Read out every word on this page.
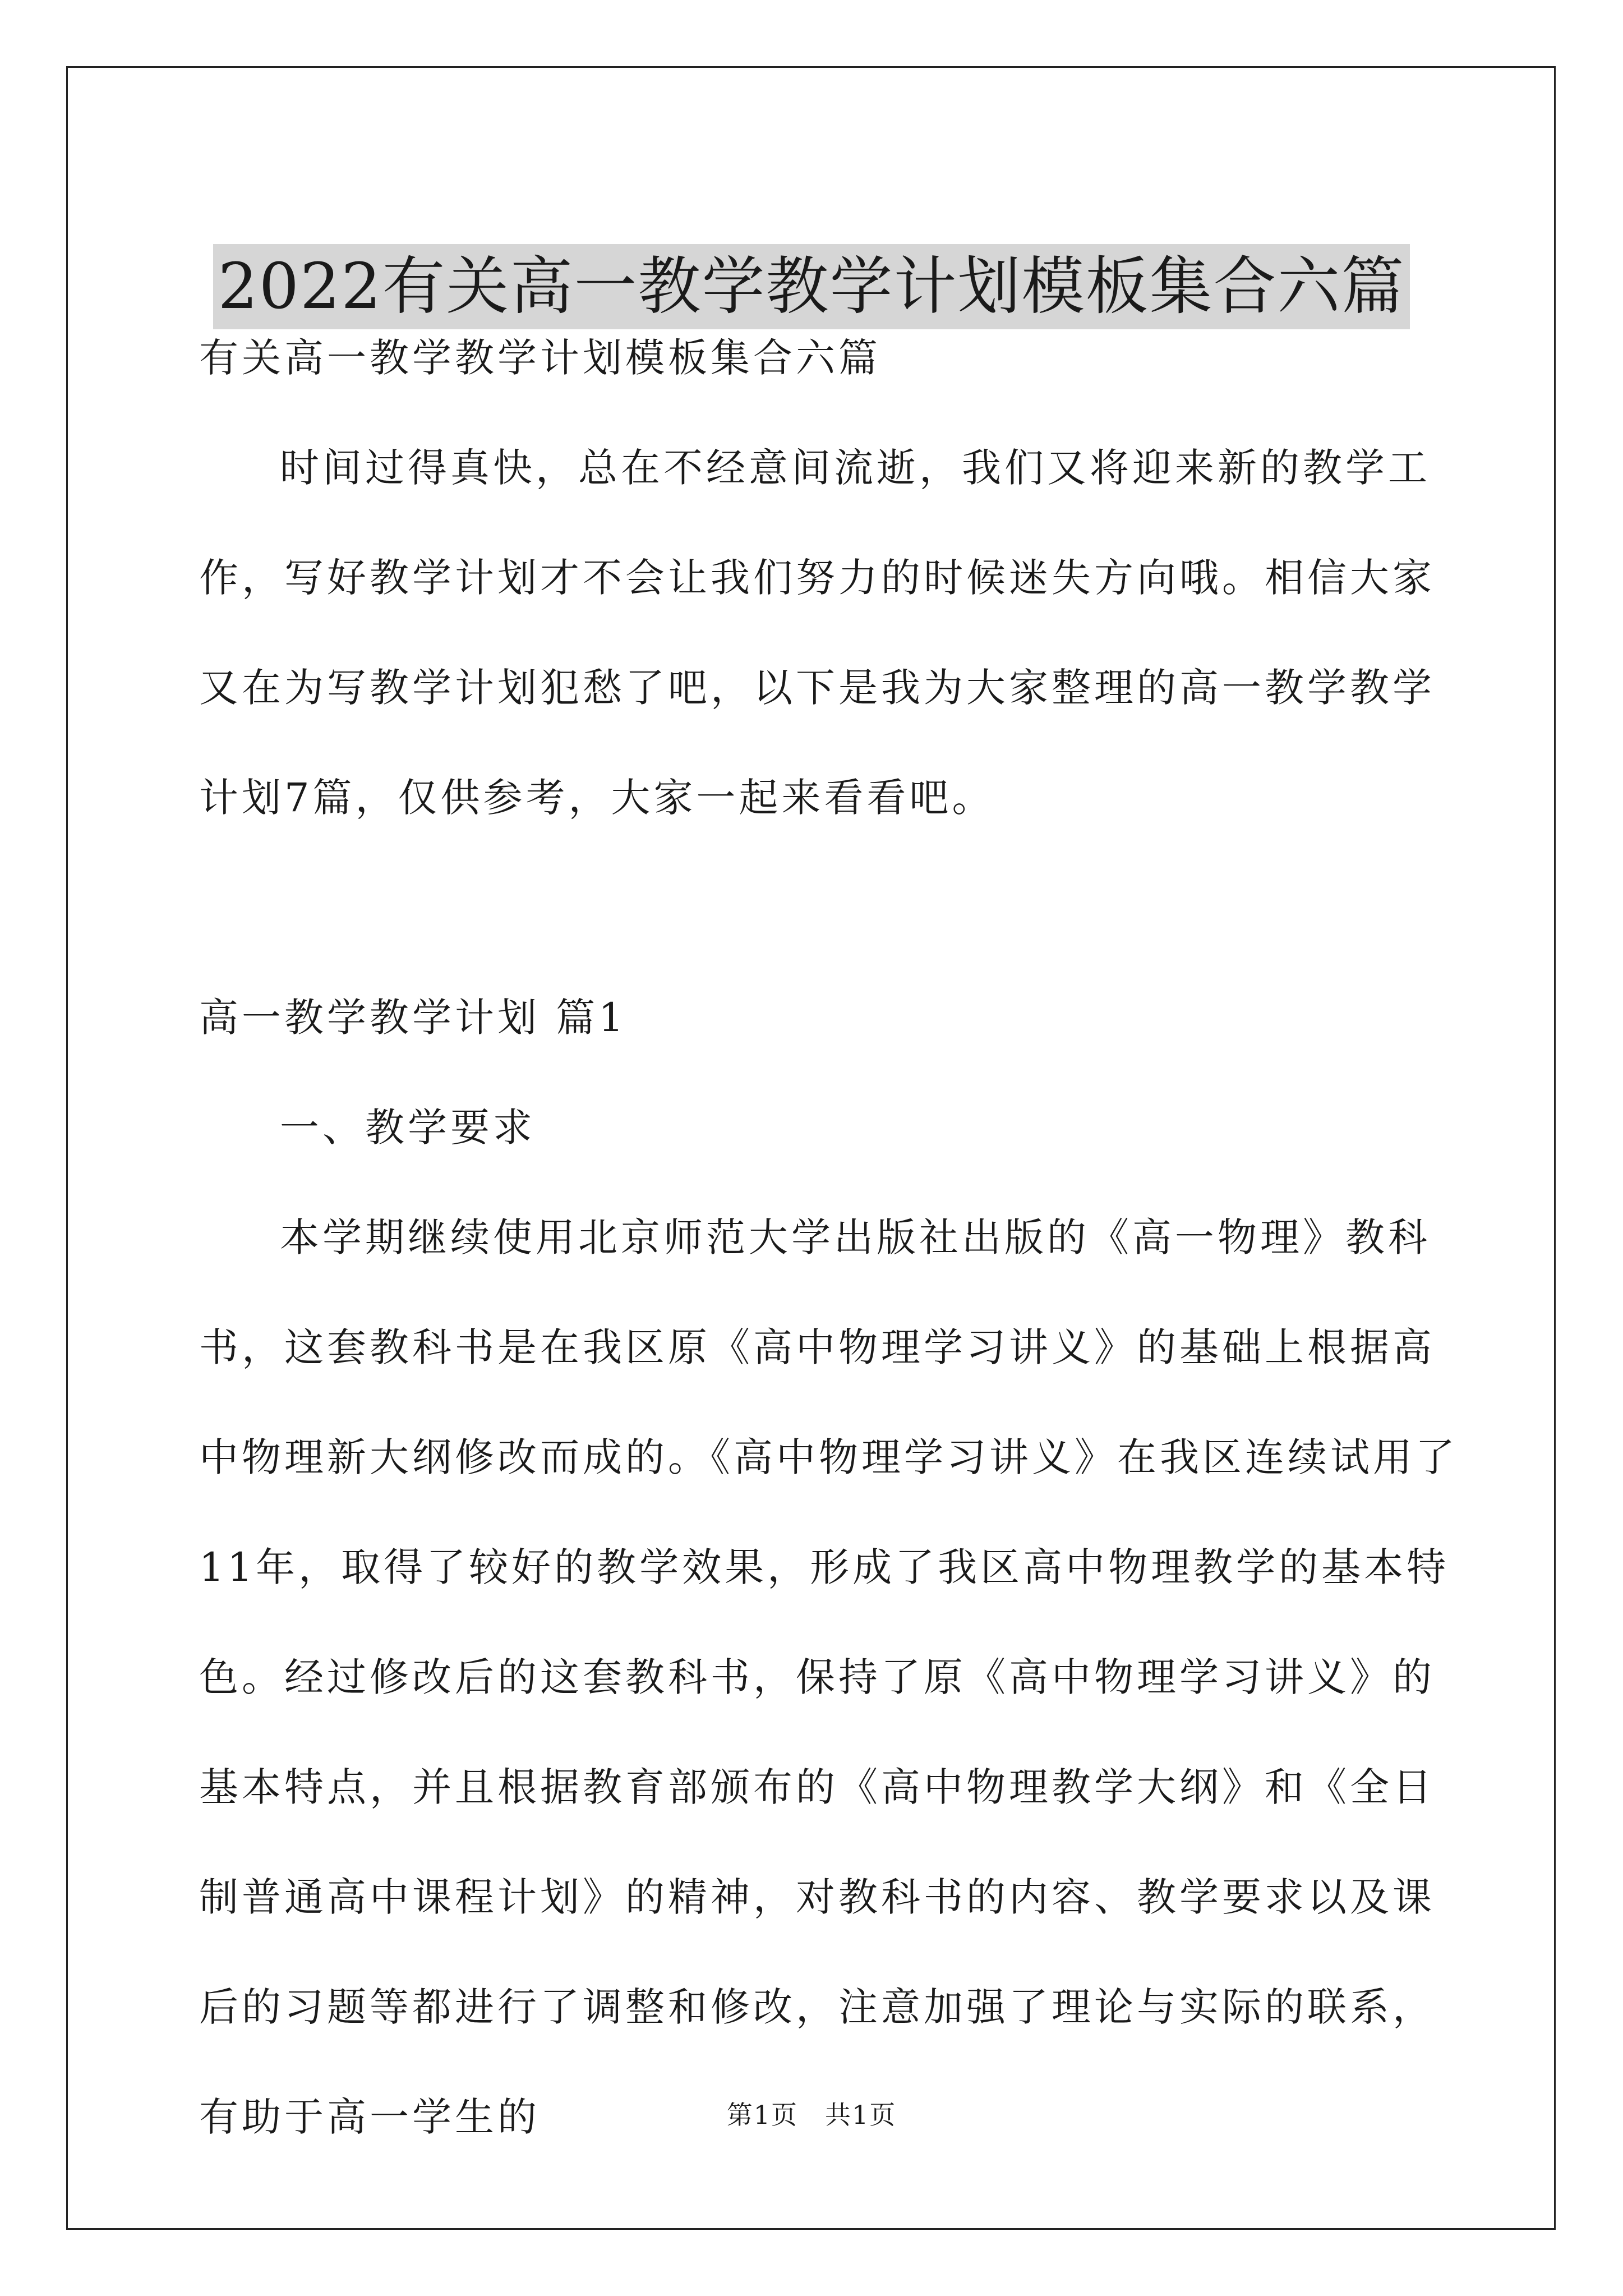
2022有关高一教学教学计划模板集合六篇

有关高一教学教学计划模板集合六篇

时间过得真快，总在不经意间流逝，我们又将迎来新的教学工作，写好教学计划才不会让我们努力的时候迷失方向哦。相信大家又在为写教学计划犯愁了吧，以下是我为大家整理的高一教学教学计划7篇，仅供参考，大家一起来看看吧。

高一教学教学计划 篇1

一、教学要求

本学期继续使用北京师范大学出版社出版的《高一物理》教科书，这套教科书是在我区原《高中物理学习讲义》的基础上根据高中物理新大纲修改而成的。《高中物理学习讲义》在我区连续试用了11年，取得了较好的教学效果，形成了我区高中物理教学的基本特色。经过修改后的这套教科书，保持了原《高中物理学习讲义》的基本特点，并且根据教育部颁布的《高中物理教学大纲》和《全日制普通高中课程计划》的精神，对教科书的内容、教学要求以及课后的习题等都进行了调整和修改，注意加强了理论与实际的联系，有助于高一学生的	第1页 共1页
